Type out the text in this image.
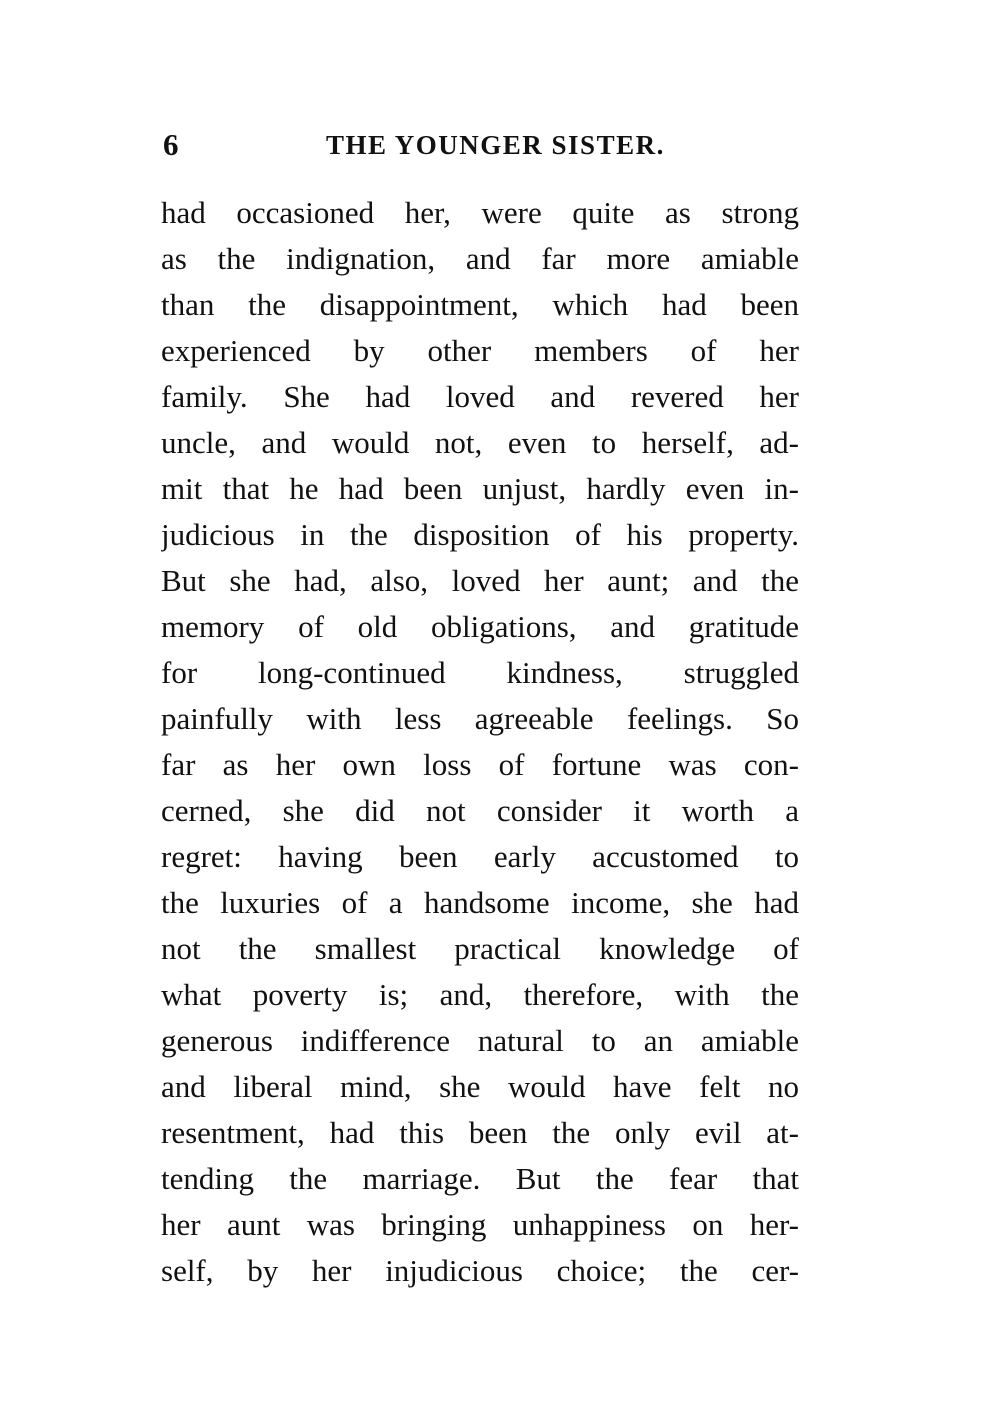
6	THE YOUNGER SISTER.
had occasioned her, were quite as strong
as the indignation, and far more amiable
than the disappointment, which had been
experienced by other members of her
family. She had loved and revered her
uncle, and would not, even to herself, ad-
mit that he had been unjust, hardly even in-
judicious in the disposition of his property.
But she had, also, loved her aunt; and the
memory of old obligations, and gratitude
for long-continued kindness, struggled
painfully with less agreeable feelings. So
far as her own loss of fortune was con-
cerned, she did not consider it worth a
regret: having been early accustomed to
the luxuries of a handsome income, she had
not the smallest practical knowledge of
what poverty is; and, therefore, with the
generous indifference natural to an amiable
and liberal mind, she would have felt no
resentment, had this been the only evil at-
tending the marriage. But the fear that
her aunt was bringing unhappiness on her-
self, by her injudicious choice; the cer-
